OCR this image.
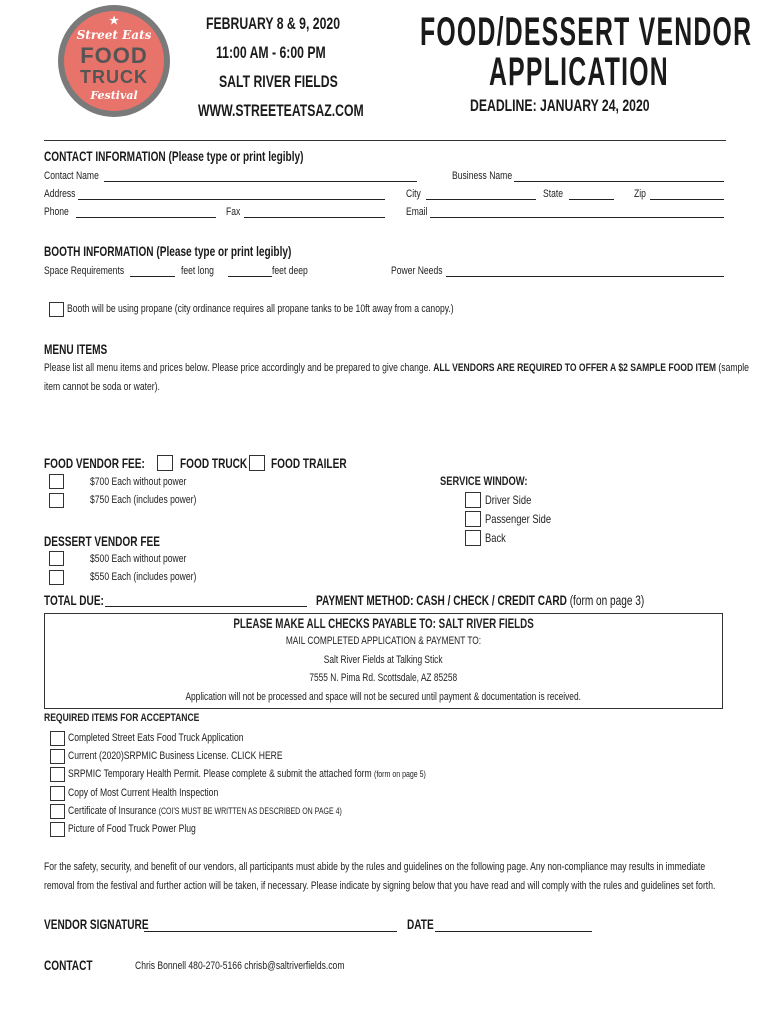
★
Street Eats
FOOD
TRUCK
Festival
FEBRUARY 8 & 9, 2020
11:00 AM - 6:00 PM
SALT RIVER FIELDS
WWW.STREETEATSAZ.COM
FOOD/DESSERT VENDOR
APPLICATION
DEADLINE: JANUARY 24, 2020
CONTACT INFORMATION (Please type or print legibly)
Contact Name	Business Name
Address	City	State	Zip
Phone	Fax	Email
BOOTH INFORMATION (Please type or print legibly)
Space Requirements	feet long	feet deep	Power Needs
Booth will be using propane (city ordinance requires all propane tanks to be 10ft away from a canopy.)
MENU ITEMS
Please list all menu items and prices below. Please price accordingly and be prepared to give change. ALL VENDORS ARE REQUIRED TO OFFER A $2 SAMPLE FOOD ITEM (sample
item cannot be soda or water).
FOOD VENDOR FEE:	FOOD TRUCK FOOD TRAILER
$700 Each without power
$750 Each (includes power)
SERVICE WINDOW:
Driver Side
Passenger Side
Back
DESSERT VENDOR FEE
$500 Each without power
$550 Each (includes power)
TOTAL DUE:	PAYMENT METHOD: CASH / CHECK / CREDIT CARD (form on page 3)
PLEASE MAKE ALL CHECKS PAYABLE TO: SALT RIVER FIELDS
MAIL COMPLETED APPLICATION & PAYMENT TO:
Salt River Fields at Talking Stick
7555 N. Pima Rd. Scottsdale, AZ 85258
Application will not be processed and space will not be secured until payment & documentation is received.
REQUIRED ITEMS FOR ACCEPTANCE
Completed Street Eats Food Truck Application
Current (2020)SRPMIC Business License. CLICK HERE
SRPMIC Temporary Health Permit. Please complete & submit the attached form (form on page 5)
Copy of Most Current Health Inspection
Certificate of Insurance (COI'S MUST BE WRITTEN AS DESCRIBED ON PAGE 4)
Picture of Food Truck Power Plug
For the safety, security, and benefit of our vendors, all participants must abide by the rules and guidelines on the following page. Any non-compliance may results in immediate
removal from the festival and further action will be taken, if necessary. Please indicate by signing below that you have read and will comply with the rules and guidelines set forth.
VENDOR SIGNATURE	DATE
CONTACT	Chris Bonnell 480-270-5166 chrisb@saltriverfields.com
